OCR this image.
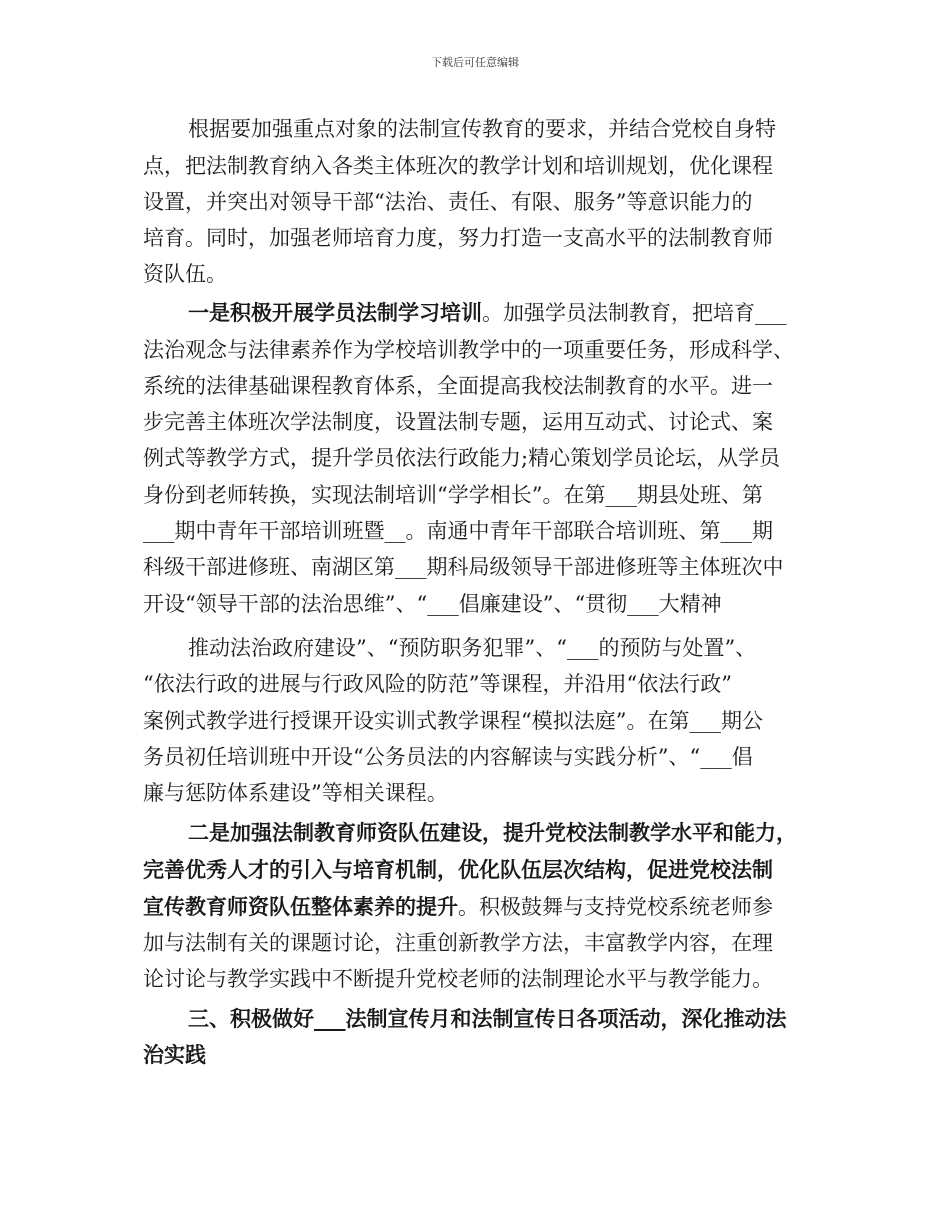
下载后可任意编辑
根据要加强重点对象的法制宣传教育的要求，并结合党校自身特
点，把法制教育纳入各类主体班次的教学计划和培训规划，优化课程
设置，并突出对领导干部“法治、责任、有限、服务”等意识能力的
培育。同时，加强老师培育力度，努力打造一支高水平的法制教育师
资队伍。
一是积极开展学员法制学习培训。加强学员法制教育，把培育___
法治观念与法律素养作为学校培训教学中的一项重要任务，形成科学、
系统的法律基础课程教育体系，全面提高我校法制教育的水平。进一
步完善主体班次学法制度，设置法制专题，运用互动式、讨论式、案
例式等教学方式，提升学员依法行政能力;精心策划学员论坛，从学员
身份到老师转换，实现法制培训“学学相长”。在第___期县处班、第
___期中青年干部培训班暨__。南通中青年干部联合培训班、第___期
科级干部进修班、南湖区第___期科局级领导干部进修班等主体班次中
开设“领导干部的法治思维”、“___倡廉建设”、“贯彻___大精神
推动法治政府建设”、“预防职务犯罪”、“___的预防与处置”、
“依法行政的进展与行政风险的防范”等课程，并沿用“依法行政”
案例式教学进行授课开设实训式教学课程“模拟法庭”。在第___期公
务员初任培训班中开设“公务员法的内容解读与实践分析”、“___倡
廉与惩防体系建设”等相关课程。
二是加强法制教育师资队伍建设，提升党校法制教学水平和能力，
完善优秀人才的引入与培育机制，优化队伍层次结构，促进党校法制
宣传教育师资队伍整体素养的提升。积极鼓舞与支持党校系统老师参
加与法制有关的课题讨论，注重创新教学方法，丰富教学内容，在理
论讨论与教学实践中不断提升党校老师的法制理论水平与教学能力。
三、积极做好___法制宣传月和法制宣传日各项活动，深化推动法
治实践
